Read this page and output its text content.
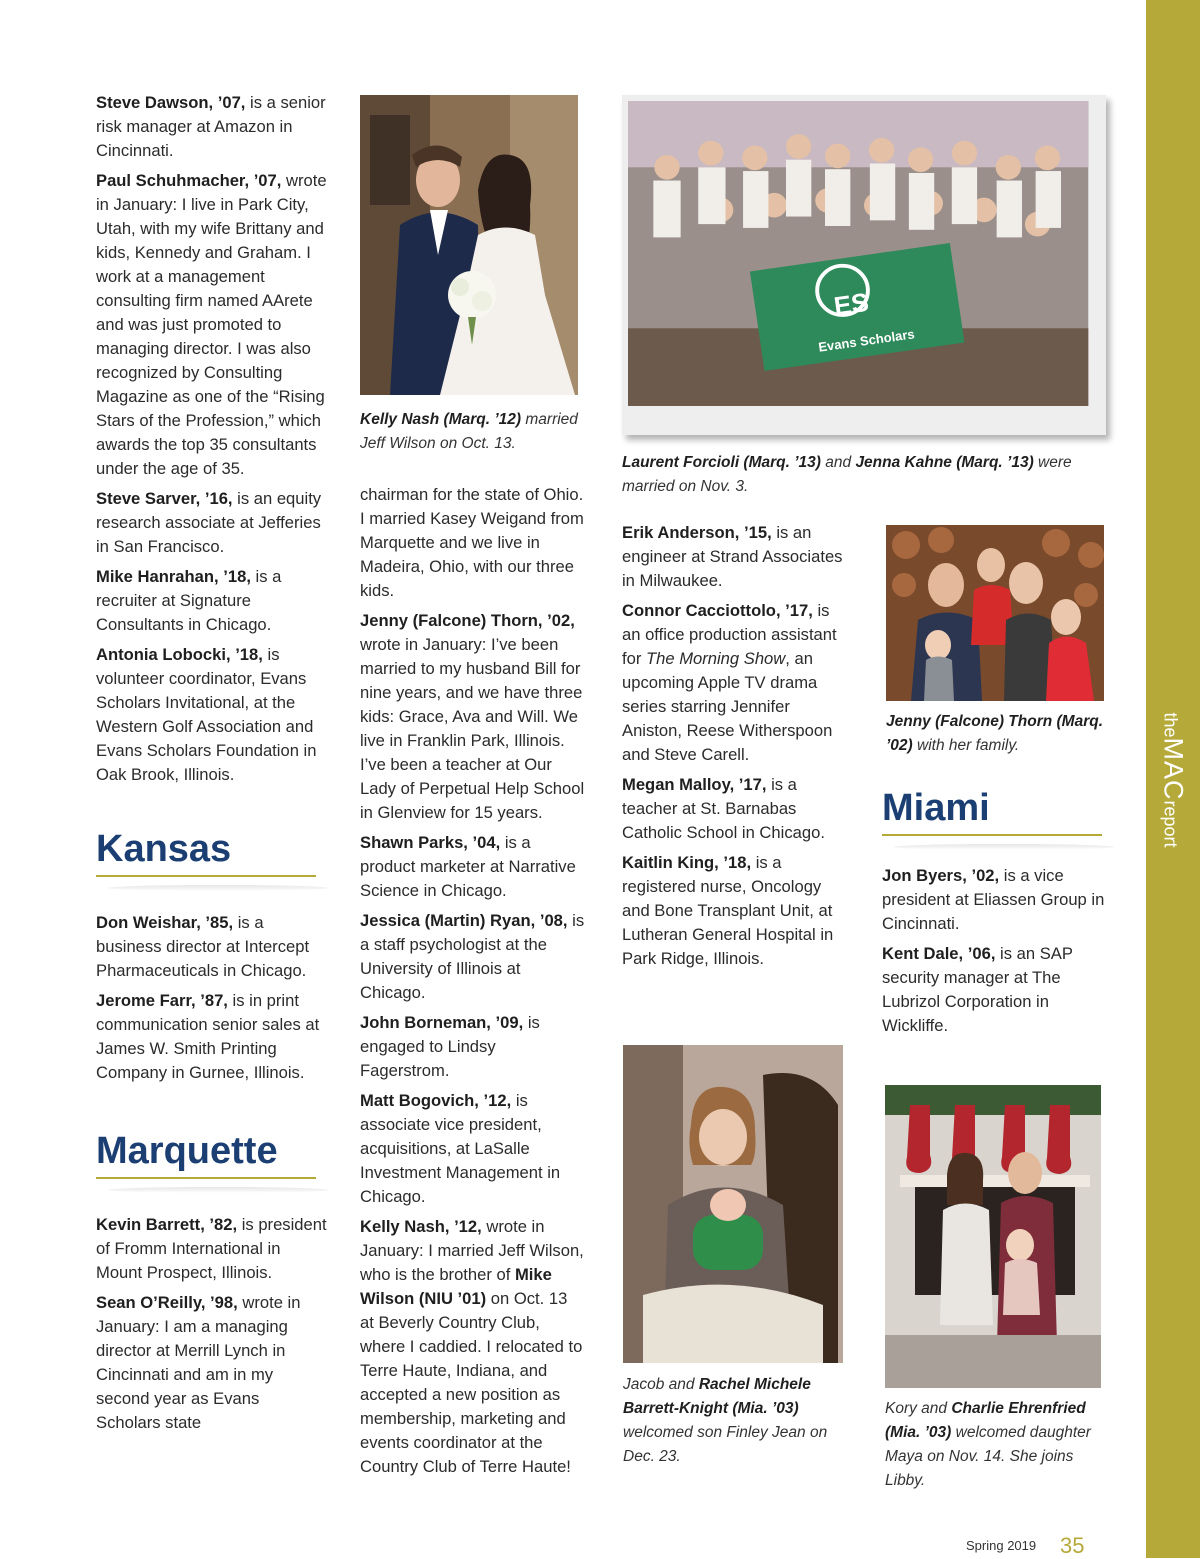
theMACreport

Steve Dawson, ’07, is a senior risk manager at Amazon in Cincinnati.

Paul Schuhmacher, ’07, wrote in January: I live in Park City, Utah, with my wife Brittany and kids, Kennedy and Graham. I work at a management consulting firm named AArete and was just promoted to managing director. I was also recognized by Consulting Magazine as one of the “Rising Stars of the Profession,” which awards the top 35 consultants under the age of 35.

Steve Sarver, ’16, is an equity research associate at Jefferies in San Francisco.

Mike Hanrahan, ’18, is a recruiter at Signature Consultants in Chicago.

Antonia Lobocki, ’18, is volunteer coordinator, Evans Scholars Invitational, at the Western Golf Association and Evans Scholars Foundation in Oak Brook, Illinois.

Kansas

Don Weishar, ’85, is a business director at Intercept Pharmaceuticals in Chicago.

Jerome Farr, ’87, is in print communication senior sales at James W. Smith Printing Company in Gurnee, Illinois.

Marquette

Kevin Barrett, ’82, is president of Fromm International in Mount Prospect, Illinois.

Sean O’Reilly, ’98, wrote in January: I am a managing director at Merrill Lynch in Cincinnati and am in my second year as Evans Scholars state

Kelly Nash (Marq. ’12) married Jeff Wilson on Oct. 13.

chairman for the state of Ohio. I married Kasey Weigand from Marquette and we live in Madeira, Ohio, with our three kids.

Jenny (Falcone) Thorn, ’02, wrote in January: I’ve been married to my husband Bill for nine years, and we have three kids: Grace, Ava and Will. We live in Franklin Park, Illinois. I’ve been a teacher at Our Lady of Perpetual Help School in Glenview for 15 years.

Shawn Parks, ’04, is a product marketer at Narrative Science in Chicago.

Jessica (Martin) Ryan, ’08, is a staff psychologist at the University of Illinois at Chicago.

John Borneman, ’09, is engaged to Lindsy Fagerstrom.

Matt Bogovich, ’12, is associate vice president, acquisitions, at LaSalle Investment Management in Chicago.

Kelly Nash, ’12, wrote in January: I married Jeff Wilson, who is the brother of Mike Wilson (NIU ’01) on Oct. 13 at Beverly Country Club, where I caddied. I relocated to Terre Haute, Indiana, and accepted a new position as membership, marketing and events coordinator at the Country Club of Terre Haute!

ES
Evans Scholars
Laurent Forcioli (Marq. ’13) and Jenna Kahne (Marq. ’13) were married on Nov. 3.

Erik Anderson, ’15, is an engineer at Strand Associates in Milwaukee.

Connor Cacciottolo, ’17, is an office production assistant for The Morning Show, an upcoming Apple TV drama series starring Jennifer Aniston, Reese Witherspoon and Steve Carell.

Megan Malloy, ’17, is a teacher at St. Barnabas Catholic School in Chicago.

Kaitlin King, ’18, is a registered nurse, Oncology and Bone Transplant Unit, at Lutheran General Hospital in Park Ridge, Illinois.

Jacob and Rachel Michele Barrett-Knight (Mia. ’03) welcomed son Finley Jean on Dec. 23.
Jenny (Falcone) Thorn (Marq. ’02) with her family.
Miami

Jon Byers, ’02, is a vice president at Eliassen Group in Cincinnati.

Kent Dale, ’06, is an SAP security manager at The Lubrizol Corporation in Wickliffe.

Kory and Charlie Ehrenfried (Mia. ’03) welcomed daughter Maya on Nov. 14. She joins Libby.
Spring 2019 35
